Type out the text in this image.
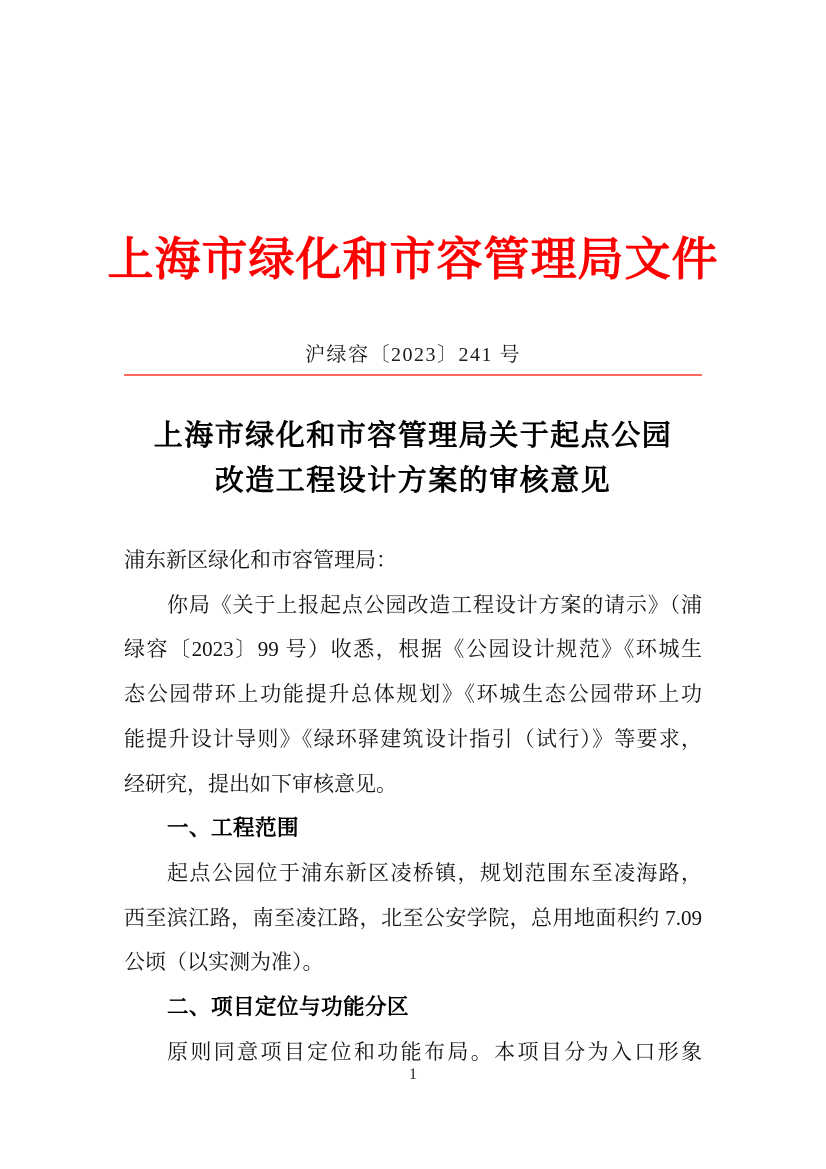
上海市绿化和市容管理局文件
沪绿容〔2023〕241 号
上海市绿化和市容管理局关于起点公园
改造工程设计方案的审核意见
浦东新区绿化和市容管理局：
你局《关于上报起点公园改造工程设计方案的请示》（浦
绿容〔2023〕99 号）收悉，根据《公园设计规范》《环城生
态公园带环上功能提升总体规划》《环城生态公园带环上功
能提升设计导则》《绿环驿建筑设计指引（试行）》等要求，
经研究，提出如下审核意见。
一、工程范围
起点公园位于浦东新区凌桥镇，规划范围东至凌海路，
西至滨江路，南至凌江路，北至公安学院，总用地面积约 7.09
公顷（以实测为准）。
二、项目定位与功能分区
原则同意项目定位和功能布局。本项目分为入口形象
1
